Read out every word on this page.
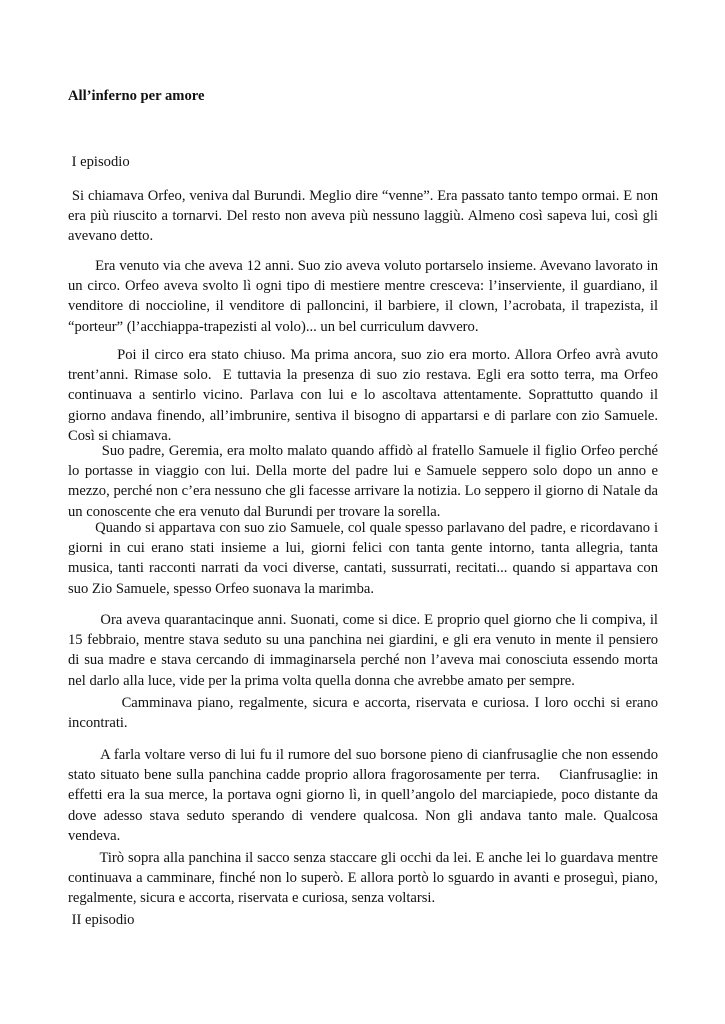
All’inferno per amore

I episodio

Si chiamava Orfeo, veniva dal Burundi. Meglio dire “venne”. Era passato tanto tempo ormai. E non era più riuscito a tornarvi. Del resto non aveva più nessuno laggiù. Almeno così sapeva lui, così gli avevano detto.

Era venuto via che aveva 12 anni. Suo zio aveva voluto portarselo insieme. Avevano lavorato in un circo. Orfeo aveva svolto lì ogni tipo di mestiere mentre cresceva: l’inserviente, il guardiano, il venditore di noccioline, il venditore di palloncini, il barbiere, il clown, l’acrobata, il trapezista, il “porteur” (l’acchiappa-trapezisti al volo)... un bel curriculum davvero.

Poi il circo era stato chiuso. Ma prima ancora, suo zio era morto. Allora Orfeo avrà avuto trent’anni. Rimase solo.  E tuttavia la presenza di suo zio restava. Egli era sotto terra, ma Orfeo continuava a sentirlo vicino. Parlava con lui e lo ascoltava attentamente. Soprattutto quando il giorno andava finendo, all’imbrunire, sentiva il bisogno di appartarsi e di parlare con zio Samuele. Così si chiamava.

Suo padre, Geremia, era molto malato quando affidò al fratello Samuele il figlio Orfeo perché lo portasse in viaggio con lui. Della morte del padre lui e Samuele seppero solo dopo un anno e mezzo, perché non c’era nessuno che gli facesse arrivare la notizia. Lo seppero il giorno di Natale da un conoscente che era venuto dal Burundi per trovare la sorella.

Quando si appartava con suo zio Samuele, col quale spesso parlavano del padre, e ricordavano i giorni in cui erano stati insieme a lui, giorni felici con tanta gente intorno, tanta allegria, tanta musica, tanti racconti narrati da voci diverse, cantati, sussurrati, recitati... quando si appartava con suo Zio Samuele, spesso Orfeo suonava la marimba.

Ora aveva quarantacinque anni. Suonati, come si dice. E proprio quel giorno che li compiva, il 15 febbraio, mentre stava seduto su una panchina nei giardini, e gli era venuto in mente il pensiero di sua madre e stava cercando di immaginarsela perché non l’aveva mai conosciuta essendo morta nel darlo alla luce, vide per la prima volta quella donna che avrebbe amato per sempre.

Camminava piano, regalmente, sicura e accorta, riservata e curiosa. I loro occhi si erano incontrati.

A farla voltare verso di lui fu il rumore del suo borsone pieno di cianfrusaglie che non essendo stato situato bene sulla panchina cadde proprio allora fragorosamente per terra.    Cianfrusaglie: in effetti era la sua merce, la portava ogni giorno lì, in quell’angolo del marciapiede, poco distante da dove adesso stava seduto sperando di vendere qualcosa. Non gli andava tanto male. Qualcosa vendeva.

Tirò sopra alla panchina il sacco senza staccare gli occhi da lei. E anche lei lo guardava mentre continuava a camminare, finché non lo superò. E allora portò lo sguardo in avanti e proseguì, piano, regalmente, sicura e accorta, riservata e curiosa, senza voltarsi.

II episodio
